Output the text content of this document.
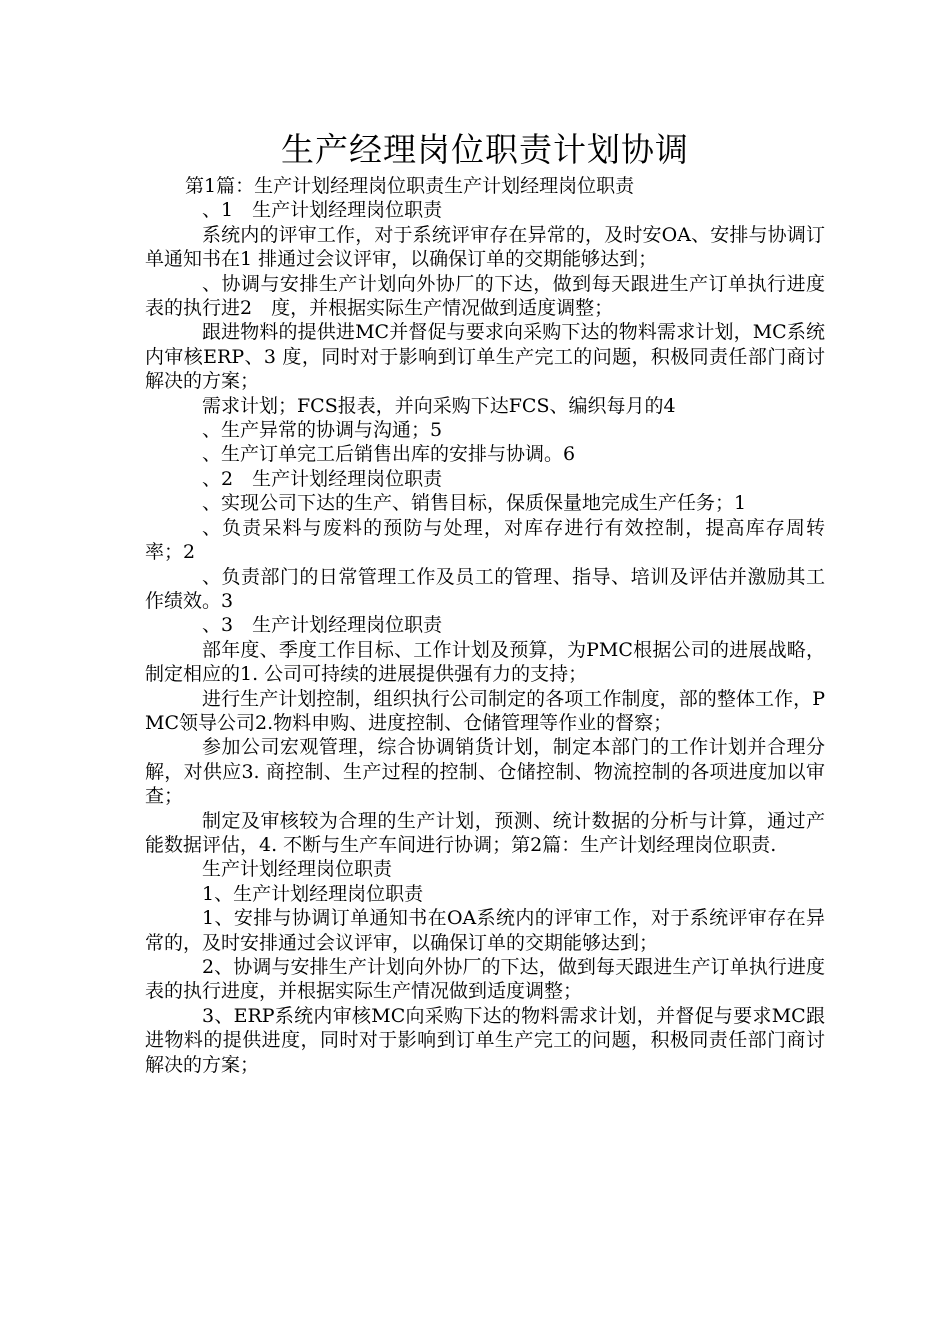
生产经理岗位职责计划协调

第1篇：生产计划经理岗位职责生产计划经理岗位职责

、1　生产计划经理岗位职责

系统内的评审工作，对于系统评审存在异常的，及时安OA、安排与协调订单通知书在1 排通过会议评审，以确保订单的交期能够达到；

、协调与安排生产计划向外协厂的下达，做到每天跟进生产订单执行进度表的执行进2　度，并根据实际生产情况做到适度调整；

跟进物料的提供进MC并督促与要求向采购下达的物料需求计划，MC系统内审核ERP、3 度，同时对于影响到订单生产完工的问题，积极同责任部门商讨解决的方案；

需求计划；FCS报表，并向采购下达FCS、编织每月的4

、生产异常的协调与沟通；5

、生产订单完工后销售出库的安排与协调。6

、2　生产计划经理岗位职责

、实现公司下达的生产、销售目标，保质保量地完成生产任务；1

、负责呆料与废料的预防与处理，对库存进行有效控制，提高库存周转率；2

、负责部门的日常管理工作及员工的管理、指导、培训及评估并激励其工作绩效。3

、3　生产计划经理岗位职责

部年度、季度工作目标、工作计划及预算，为PMC根据公司的进展战略，制定相应的1. 公司可持续的进展提供强有力的支持；

进行生产计划控制，组织执行公司制定的各项工作制度，部的整体工作，PMC领导公司2.物料申购、进度控制、仓储管理等作业的督察；

参加公司宏观管理，综合协调销货计划，制定本部门的工作计划并合理分解，对供应3. 商控制、生产过程的控制、仓储控制、物流控制的各项进度加以审查；

制定及审核较为合理的生产计划，预测、统计数据的分析与计算，通过产能数据评估，4. 不断与生产车间进行协调；第2篇：生产计划经理岗位职责.

生产计划经理岗位职责

1、生产计划经理岗位职责

1、安排与协调订单通知书在OA系统内的评审工作，对于系统评审存在异常的，及时安排通过会议评审，以确保订单的交期能够达到；

2、协调与安排生产计划向外协厂的下达，做到每天跟进生产订单执行进度表的执行进度，并根据实际生产情况做到适度调整；

3、ERP系统内审核MC向采购下达的物料需求计划，并督促与要求MC跟进物料的提供进度，同时对于影响到订单生产完工的问题，积极同责任部门商讨解决的方案；
